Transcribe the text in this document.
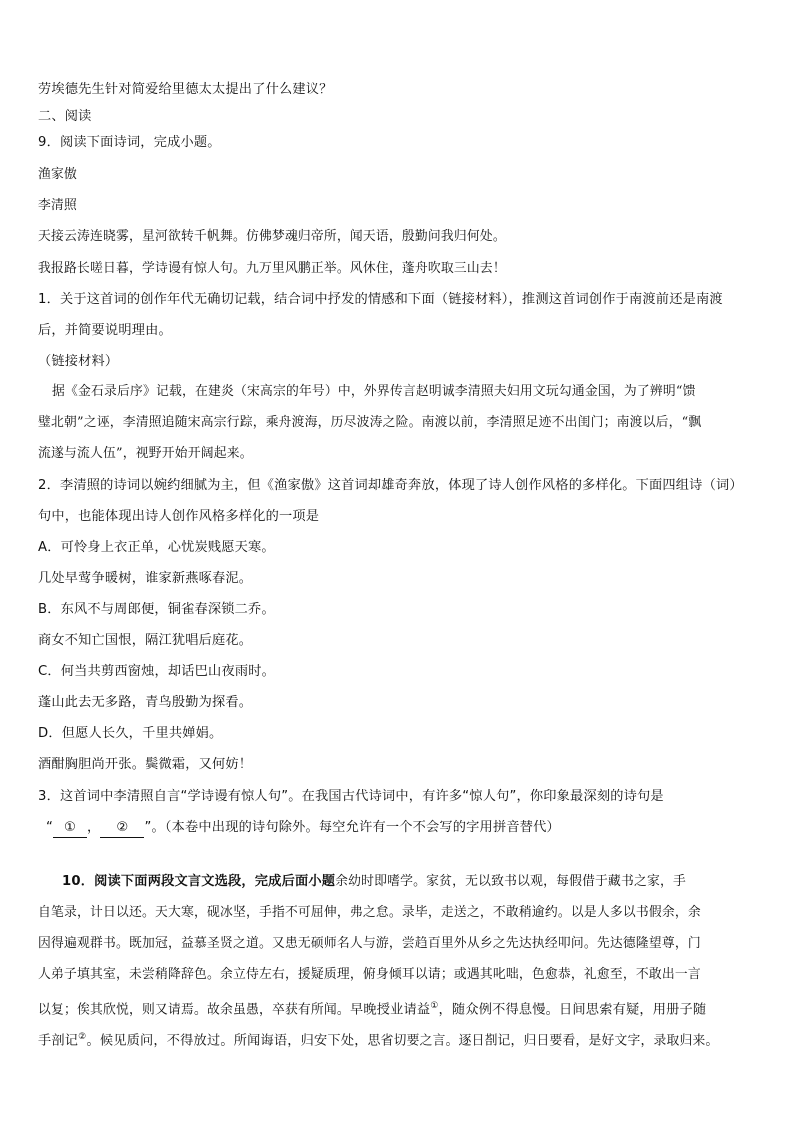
劳埃德先生针对简爱给里德太太提出了什么建议？
二、阅读
9．阅读下面诗词，完成小题。
渔家傲
李清照
天接云涛连晓雾，星河欲转千帆舞。仿佛梦魂归帝所，闻天语，殷勤问我归何处。
我报路长嗟日暮，学诗谩有惊人句。九万里风鹏正举。风休住，蓬舟吹取三山去！
1．关于这首词的创作年代无确切记载，结合词中抒发的情感和下面（链接材料），推测这首词创作于南渡前还是南渡
后，并简要说明理由。
（链接材料）
据《金石录后序》记载，在建炎（宋高宗的年号）中，外界传言赵明诚李清照夫妇用文玩勾通金国，为了辨明“馈
璧北朝”之诬，李清照追随宋高宗行踪，乘舟渡海，历尽波涛之险。南渡以前，李清照足迹不出闺门；南渡以后，“飘
流遂与流人伍”，视野开始开阔起来。
2．李清照的诗词以婉约细腻为主，但《渔家傲》这首词却雄奇奔放，体现了诗人创作风格的多样化。下面四组诗（词）
句中，也能体现出诗人创作风格多样化的一项是
A．可怜身上衣正单，心忧炭贱愿天寒。
几处早莺争暖树，谁家新燕啄春泥。
B．东风不与周郎便，铜雀春深锁二乔。
商女不知亡国恨，隔江犹唱后庭花。
C．何当共剪西窗烛，却话巴山夜雨时。
蓬山此去无多路，青鸟殷勤为探看。
D．但愿人长久，千里共婵娟。
酒酣胸胆尚开张。鬓微霜，又何妨！
3．这首词中李清照自言“学诗谩有惊人句”。在我国古代诗词中，有许多“惊人句”，你印象最深刻的诗句是
“ ① ， ② ”。（本卷中出现的诗句除外。每空允许有一个不会写的字用拼音替代）
10．阅读下面两段文言文选段，完成后面小题余幼时即嗜学。家贫，无以致书以观，每假借于藏书之家，手
自笔录，计日以还。天大寒，砚冰坚，手指不可屈伸，弗之怠。录毕，走送之，不敢稍逾约。以是人多以书假余，余
因得遍观群书。既加冠，益慕圣贤之道。又患无硕师名人与游，尝趋百里外从乡之先达执经叩问。先达德隆望尊，门
人弟子填其室，未尝稍降辞色。余立侍左右，援疑质理，俯身倾耳以请；或遇其叱咄，色愈恭，礼愈至，不敢出一言
以复；俟其欣悦，则又请焉。故余虽愚，卒获有所闻。早晚授业请益①，随众例不得息慢。日间思索有疑，用册子随
手剖记②。候见质问，不得放过。所闻诲语，归安下处，思省切要之言。逐日剳记，归日要看，是好文字，录取归来。
